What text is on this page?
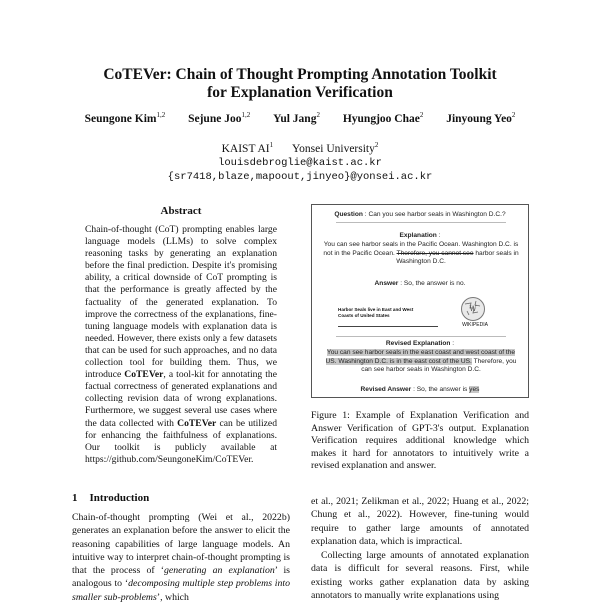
CoTEVer: Chain of Thought Prompting Annotation Toolkit
for Explanation Verification
Seungone Kim$^{1,2}$ Sejune Joo$^{1,2}$ Yul Jang$^2$ Hyungjoo Chae$^2$ Jinyoung Yeo$^2$
KAIST $AI^1$ Yonsei University$^2$
louisdebroglie@kaist.ac.kr
{sr7418,blaze,mapoout,jinyeo}@yonsei.ac.kr
Abstract
Chain-of-thought (CoT) prompting enables large language models (LLMs) to solve complex reasoning tasks by generating an explanation before the final prediction. Despite it's promising ability, a critical downside of CoT prompting is that the performance is greatly affected by the factuality of the generated explanation. To improve the correctness of the explanations, fine-tuning language models with explanation data is needed. However, there exists only a few datasets that can be used for such approaches, and no data collection tool for building them. Thus, we introduce CoTEVer, a tool-kit for annotating the factual correctness of generated explanations and collecting revision data of wrong explanations. Furthermore, we suggest several use cases where the data collected with CoTEVer can be utilized for enhancing the faithfulness of explanations. Our toolkit is publicly available at https://github.com/SeungoneKim/CoTEVer.
1 Introduction
Chain-of-thought prompting (Wei et al., 2022b) generates an explanation before the answer to elicit the reasoning capabilities of large language models. An intuitive way to interpret chain-of-thought prompting is that the process of ‘generating an explanation’ is analogous to ‘decomposing multiple step problems into smaller sub-problems’, which
Question : Can you see harbor seals in Washington D.C.?
Explanation :
You can see harbor seals in the Pacific Ocean. Washington D.C. is not in the Pacific Ocean. Therefore, you cannot see harbor seals in Washington D.C.
Answer : So, the answer is no.
Harbor Seals live in East and West
Coasts of United States
W
WIKIPEDIA
Revised Explanation :
You can see harbor seals in the east coast and west coast of the US. Washington D.C. is in the east cost of the US. Therefore, you can see harbor seals in Washington D.C.
Revised Answer : So, the answer is yes
Figure 1: Example of Explanation Verification and Answer Verification of GPT-3's output. Explanation Verification requires additional knowledge which makes it hard for annotators to intuitively write a revised explanation and answer.

et al., 2021; Zelikman et al., 2022; Huang et al., 2022; Chung et al., 2022). However, fine-tuning would require to gather large amounts of annotated explanation data, which is impractical.

Collecting large amounts of annotated explanation data is difficult for several reasons. First, while existing works gather explanation data by asking annotators to manually write explanations using
